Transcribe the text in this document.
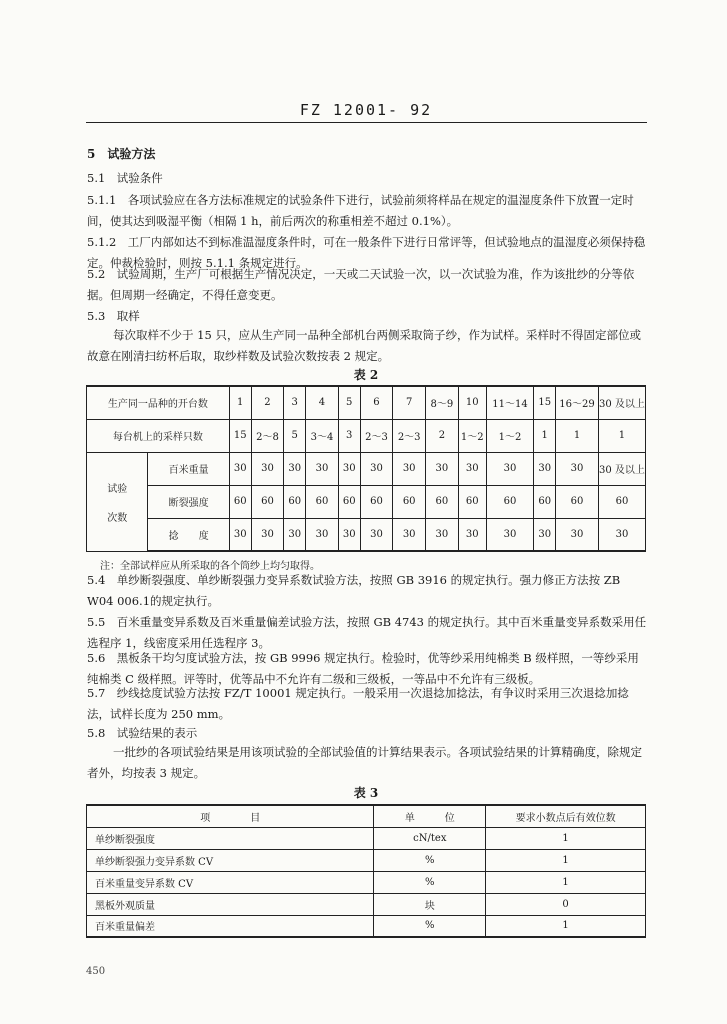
FZ 12001- 92

5　试验方法

5.1　试验条件

5.1.1　各项试验应在各方法标准规定的试验条件下进行，试验前须将样品在规定的温湿度条件下放置一定时间，使其达到吸湿平衡（相隔 1 h，前后两次的称重相差不超过 0.1%）。

5.1.2　工厂内部如达不到标准温湿度条件时，可在一般条件下进行日常评等，但试验地点的温湿度必须保持稳定。仲裁检验时，则按 5.1.1 条规定进行。

5.2　试验周期，生产厂可根据生产情况决定，一天或二天试验一次，以一次试验为准，作为该批纱的分等依据。但周期一经确定，不得任意变更。

5.3　取样

每次取样不少于 15 只，应从生产同一品种全部机台两侧采取筒子纱，作为试样。采样时不得固定部位或故意在刚清扫纺杯后取，取纱样数及试验次数按表 2 规定。

表 2
生产同一品种的开台数		1	2	3	4	5	6	7	8～9	10	11～14	15	16～29	30 及以上
每台机上的采样只数		15	2～8	5	3～4	3	2～3	2～3	2	1～2	1～2	1	1	1

试验
次数	百米重量	30	30	30	30	30	30	30	30	30	30	30	30	30 及以上
	断裂强度	60	60	60	60	60	60	60	60	60	60	60	60	60
	捻　　度	30	30	30	30	30	30	30	30	30	30	30	30	30
注：全部试样应从所采取的各个筒纱上均匀取得。

5.4　单纱断裂强度、单纱断裂强力变异系数试验方法，按照 GB 3916 的规定执行。强力修正方法按 ZB W04 006.1的规定执行。

5.5　百米重量变异系数及百米重量偏差试验方法，按照 GB 4743 的规定执行。其中百米重量变异系数采用任选程序 1，线密度采用任选程序 3。

5.6　黑板条干均匀度试验方法，按 GB 9996 规定执行。检验时，优等纱采用纯棉类 B 级样照，一等纱采用纯棉类 C 级样照。评等时，优等品中不允许有二级和三级板，一等品中不允许有三级板。

5.7　纱线捻度试验方法按 FZ/T 10001 规定执行。一般采用一次退捻加捻法，有争议时采用三次退捻加捻法，试样长度为 250 mm。

5.8　试验结果的表示

一批纱的各项试验结果是用该项试验的全部试验值的计算结果表示。各项试验结果的计算精确度，除规定者外，均按表 3 规定。

表 3
项　　　　目	单　　　位	要求小数点后有效位数
单纱断裂强度	cN/tex	1
单纱断裂强力变异系数 CV	%	1
百米重量变异系数 CV	%	1
黑板外观质量	块	0
百米重量偏差	%	1
450
